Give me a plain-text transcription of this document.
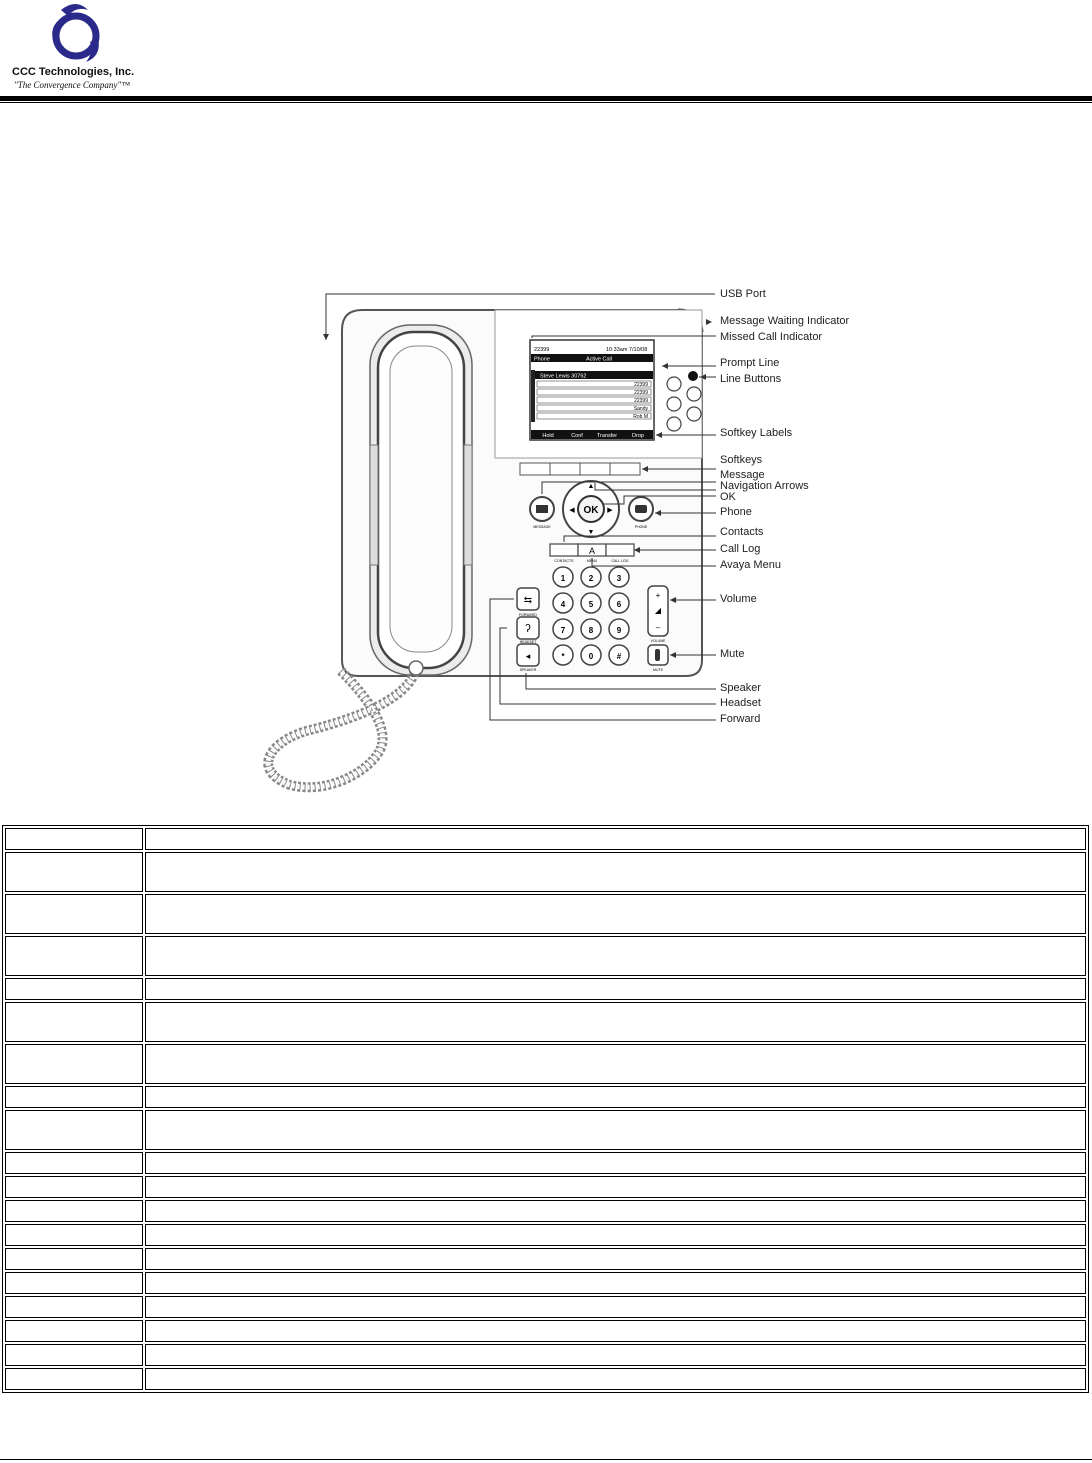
CCC Technologies, Inc.
"The Convergence Company"™
22399	10:33am 7/10/08
Phone	Active Call
Steve Lewis 30762
22399
22399
22399
Sandy
Rob M
Hold	Conf	Transfer	Drop
OK
▲
▼
◀	▶
MESSAGE	PHONE
A
CONTACTS	MENU	CALL LOG
1	2	3
4	5	6
7	8	9
*	0	#
⇆
ʔ
◂
FORWARD
HEADSET
SPEAKER
+
◢
–
VOLUME
MUTE
USB Port
Message Waiting Indicator
Missed Call Indicator
Prompt Line
Line Buttons
Softkey Labels
Softkeys
Message
Navigation Arrows
OK
Phone
Contacts
Call Log
Avaya Menu
Volume
Mute
Speaker
Headset
Forward
